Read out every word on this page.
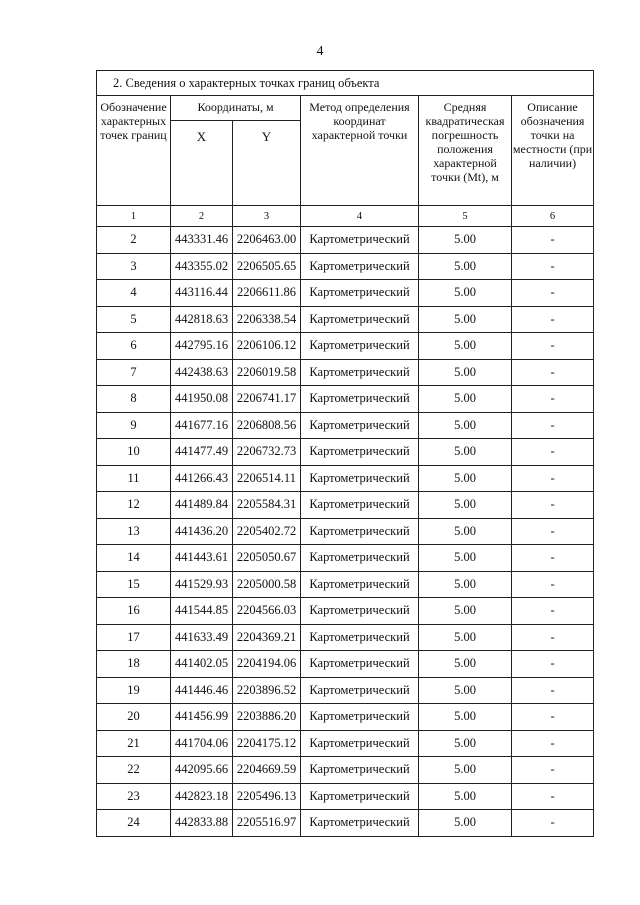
4
2. Сведения о характерных точках границ объекта					
Обозначение характерных точек границ	Координаты, м		Метод определения координат характерной точки	Средняя квадратическая погрешность положения характерной точки (Mt), м	Описание обозначения точки на местности (при наличии)
	X	Y			
1	2	3	4	5	6
2	443331.46	2206463.00	Картометрический	5.00	-
3	443355.02	2206505.65	Картометрический	5.00	-
4	443116.44	2206611.86	Картометрический	5.00	-
5	442818.63	2206338.54	Картометрический	5.00	-
6	442795.16	2206106.12	Картометрический	5.00	-
7	442438.63	2206019.58	Картометрический	5.00	-
8	441950.08	2206741.17	Картометрический	5.00	-
9	441677.16	2206808.56	Картометрический	5.00	-
10	441477.49	2206732.73	Картометрический	5.00	-
11	441266.43	2206514.11	Картометрический	5.00	-
12	441489.84	2205584.31	Картометрический	5.00	-
13	441436.20	2205402.72	Картометрический	5.00	-
14	441443.61	2205050.67	Картометрический	5.00	-
15	441529.93	2205000.58	Картометрический	5.00	-
16	441544.85	2204566.03	Картометрический	5.00	-
17	441633.49	2204369.21	Картометрический	5.00	-
18	441402.05	2204194.06	Картометрический	5.00	-
19	441446.46	2203896.52	Картометрический	5.00	-
20	441456.99	2203886.20	Картометрический	5.00	-
21	441704.06	2204175.12	Картометрический	5.00	-
22	442095.66	2204669.59	Картометрический	5.00	-
23	442823.18	2205496.13	Картометрический	5.00	-
24	442833.88	2205516.97	Картометрический	5.00	-
